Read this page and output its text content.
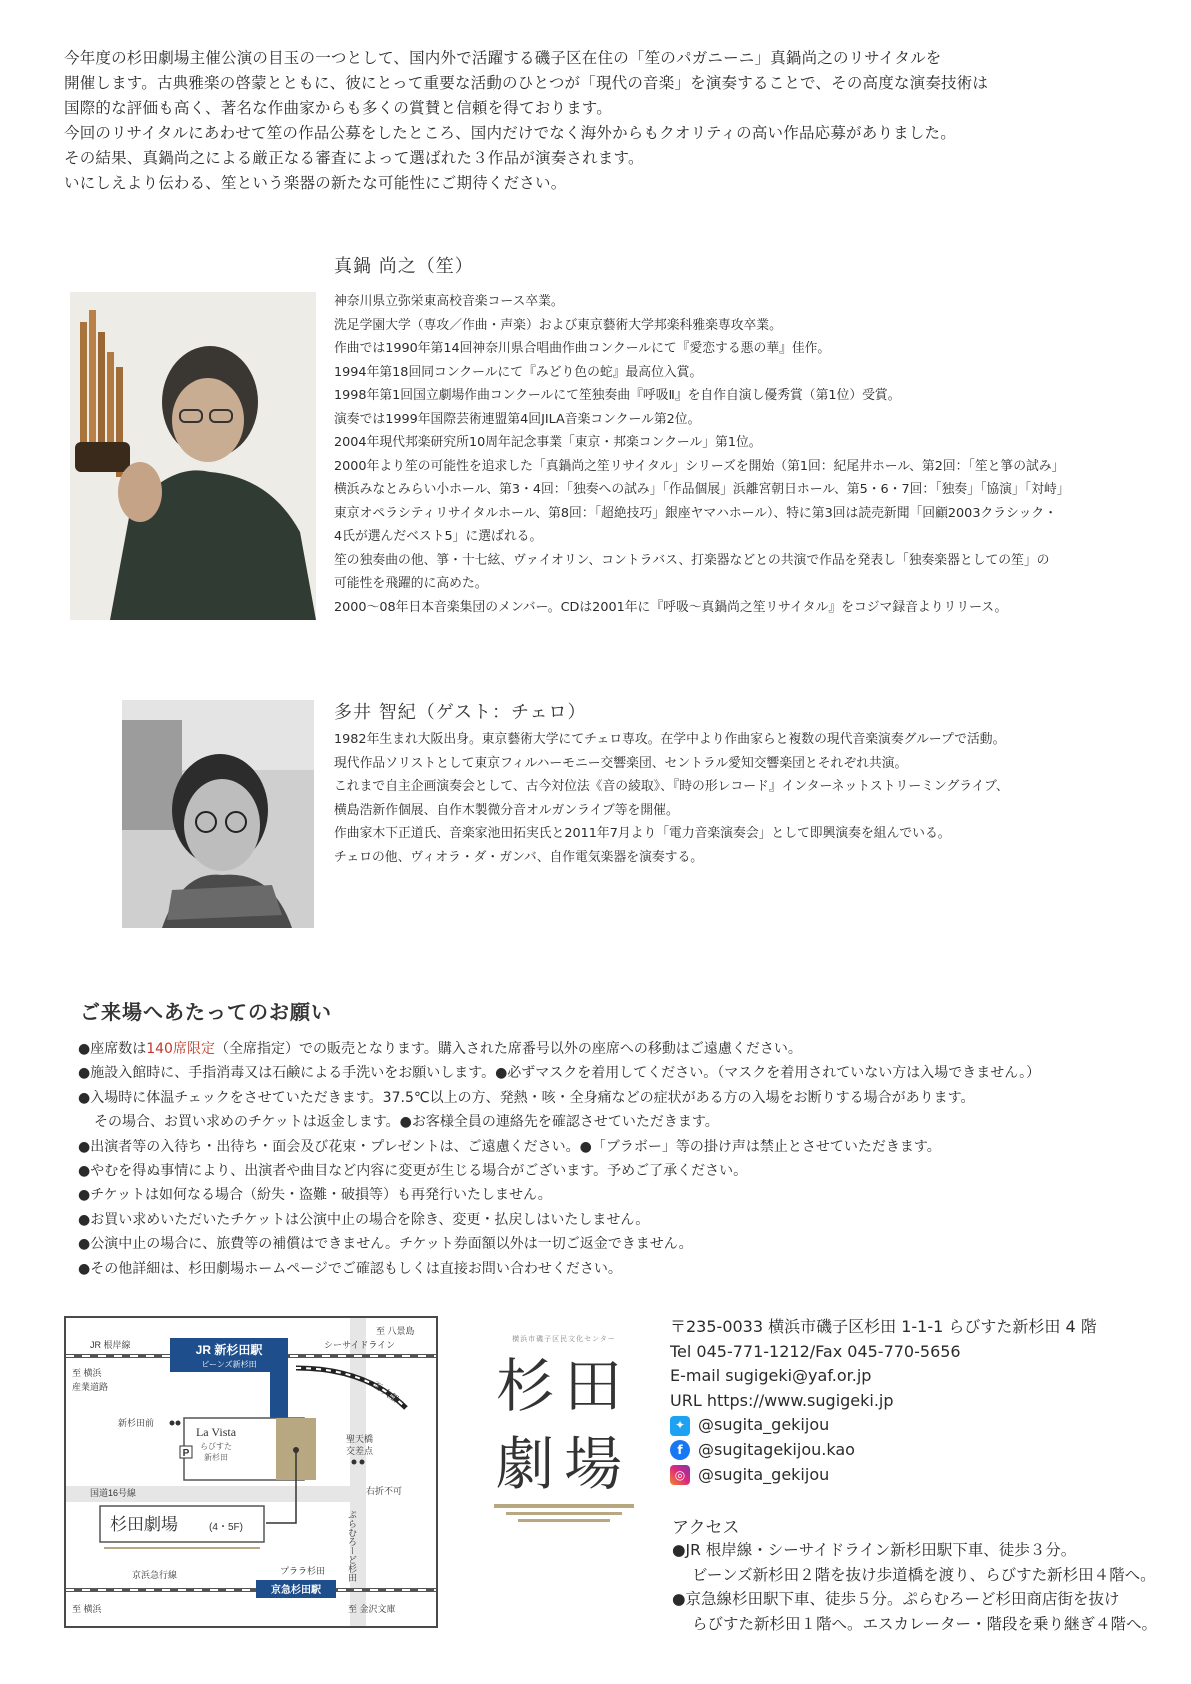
今年度の杉田劇場主催公演の目玉の一つとして、国内外で活躍する磯子区在住の「笙のパガニーニ」真鍋尚之のリサイタルを

開催します。古典雅楽の啓蒙とともに、彼にとって重要な活動のひとつが「現代の音楽」を演奏することで、その高度な演奏技術は

国際的な評価も高く、著名な作曲家からも多くの賞賛と信頼を得ております。

今回のリサイタルにあわせて笙の作品公募をしたところ、国内だけでなく海外からもクオリティの高い作品応募がありました。

その結果、真鍋尚之による厳正なる審査によって選ばれた３作品が演奏されます。

いにしえより伝わる、笙という楽器の新たな可能性にご期待ください。

真鍋 尚之（笙）

神奈川県立弥栄東高校音楽コース卒業。

洗足学園大学（専攻／作曲・声楽）および東京藝術大学邦楽科雅楽専攻卒業。

作曲では1990年第14回神奈川県合唱曲作曲コンクールにて『愛恋する悪の華』佳作。

1994年第18回同コンクールにて『みどり色の蛇』最高位入賞。

1998年第1回国立劇場作曲コンクールにて笙独奏曲『呼吸Ⅱ』を自作自演し優秀賞（第1位）受賞。

演奏では1999年国際芸術連盟第4回JILA音楽コンクール第2位。

2004年現代邦楽研究所10周年記念事業「東京・邦楽コンクール」第1位。

2000年より笙の可能性を追求した「真鍋尚之笙リサイタル」シリーズを開始（第1回：紀尾井ホール、第2回：「笙と箏の試み」

横浜みなとみらい小ホール、第3・4回：「独奏への試み」「作品個展」浜離宮朝日ホール、第5・6・7回：「独奏」「協演」「対峙」

東京オペラシティリサイタルホール、第8回：「超絶技巧」銀座ヤマハホール）、特に第3回は読売新聞「回顧2003クラシック・

4氏が選んだベスト5」に選ばれる。

笙の独奏曲の他、箏・十七絃、ヴァイオリン、コントラバス、打楽器などとの共演で作品を発表し「独奏楽器としての笙」の

可能性を飛躍的に高めた。

2000〜08年日本音楽集団のメンバー。CDは2001年に『呼吸〜真鍋尚之笙リサイタル』をコジマ録音よりリリース。

多井 智紀（ゲスト：チェロ）

1982年生まれ大阪出身。東京藝術大学にてチェロ専攻。在学中より作曲家らと複数の現代音楽演奏グループで活動。

現代作品ソリストとして東京フィルハーモニー交響楽団、セントラル愛知交響楽団とそれぞれ共演。

これまで自主企画演奏会として、古今対位法《音の綾取》、『時の形レコード』インターネットストリーミングライブ、

横島浩新作個展、自作木製微分音オルガンライブ等を開催。

作曲家木下正道氏、音楽家池田拓実氏と2011年7月より「電力音楽演奏会」として即興演奏を組んでいる。

チェロの他、ヴィオラ・ダ・ガンバ、自作電気楽器を演奏する。

ご来場へあたってのお願い

●座席数は140席限定（全席指定）での販売となります。購入された席番号以外の座席への移動はご遠慮ください。

●施設入館時に、手指消毒又は石鹸による手洗いをお願いします。●必ずマスクを着用してください。（マスクを着用されていない方は入場できません。）

●入場時に体温チェックをさせていただきます。37.5℃以上の方、発熱・咳・全身痛などの症状がある方の入場をお断りする場合があります。

その場合、お買い求めのチケットは返金します。●お客様全員の連絡先を確認させていただきます。

●出演者等の入待ち・出待ち・面会及び花束・プレゼントは、ご遠慮ください。●「ブラボー」等の掛け声は禁止とさせていただきます。

●やむを得ぬ事情により、出演者や曲目など内容に変更が生じる場合がございます。予めご了承ください。

●チケットは如何なる場合（紛失・盗難・破損等）も再発行いたしません。

●お買い求めいただいたチケットは公演中止の場合を除き、変更・払戻しはいたしません。

●公演中止の場合に、旅費等の補償はできません。チケット券面額以外は一切ご返金できません。

●その他詳細は、杉田劇場ホームページでご確認もしくは直接お問い合わせください。

JR 新杉田駅
ビーンズ新杉田
La Vista
らびすた
新杉田
P
杉田劇場	(4・5F)
京急杉田駅
至 八景島
JR 根岸線	シーサイドライン
至 横浜
産業道路	至 大船
新杉田前
聖天橋
交差点
国道16号線	右折不可
ぷらむろーど杉田
京浜急行線	プララ杉田
至 横浜	至 金沢文庫
横浜市磯子区民文化センター
杉田
劇場

〒235-0033 横浜市磯子区杉田 1-1-1 らびすた新杉田 4 階

Tel 045-771-1212/Fax 045-770-5656

E-mail sugigeki@yaf.or.jp

URL https://www.sugigeki.jp

✦ @sugita_gekijou

f @sugitagekijou.kao

◎ @sugita_gekijou

アクセス

●JR 根岸線・シーサイドライン新杉田駅下車、徒歩３分。

ビーンズ新杉田２階を抜け歩道橋を渡り、らびすた新杉田４階へ。

●京急線杉田駅下車、徒歩５分。ぷらむろーど杉田商店街を抜け

らびすた新杉田１階へ。エスカレーター・階段を乗り継ぎ４階へ。
